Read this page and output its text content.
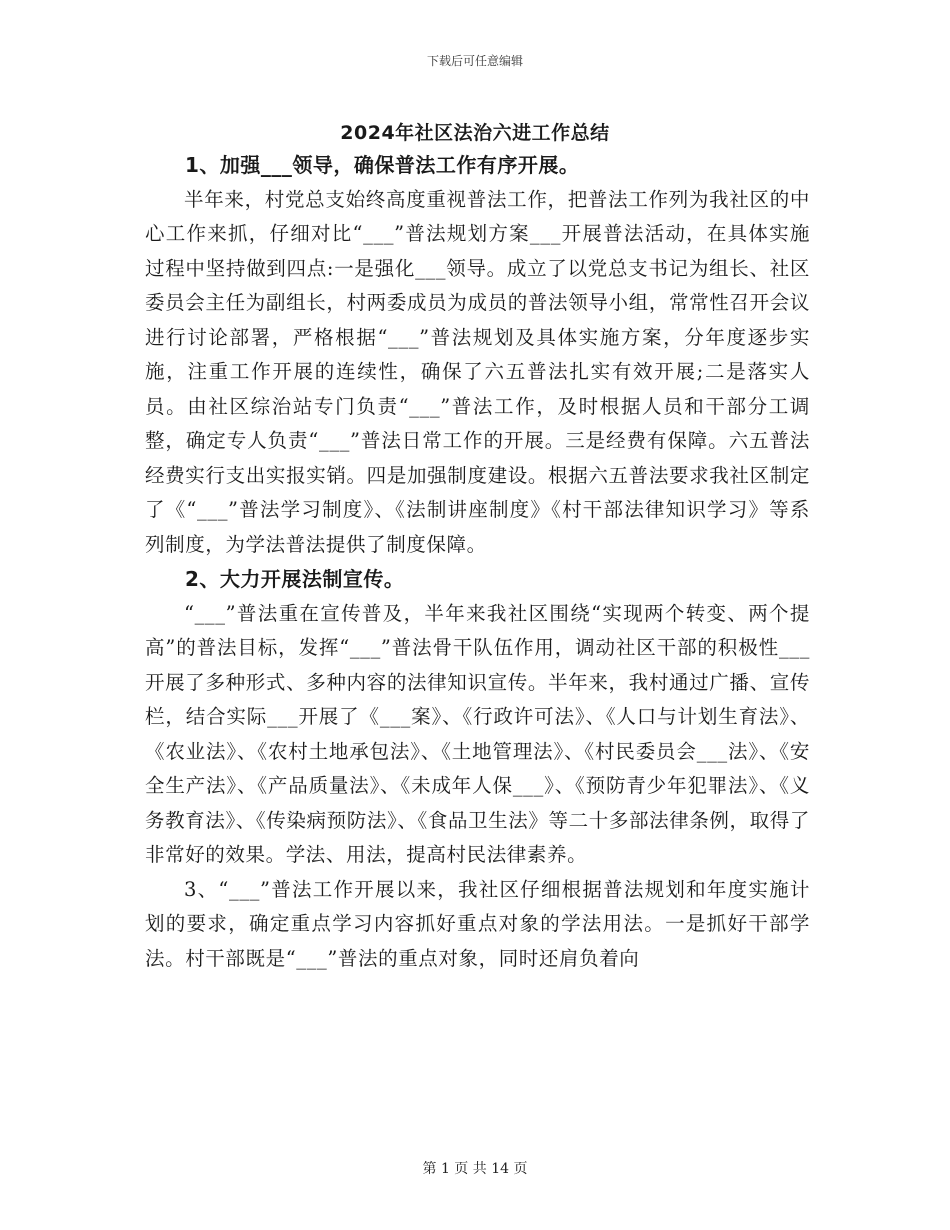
下载后可任意编辑
2024年社区法治六进工作总结
1、加强___领导，确保普法工作有序开展。

半年来，村党总支始终高度重视普法工作，把普法工作列为我社区的中心工作来抓，仔细对比“___”普法规划方案___开展普法活动，在具体实施过程中坚持做到四点:一是强化___领导。成立了以党总支书记为组长、社区委员会主任为副组长，村两委成员为成员的普法领导小组，常常性召开会议进行讨论部署，严格根据“___”普法规划及具体实施方案，分年度逐步实施，注重工作开展的连续性，确保了六五普法扎实有效开展;二是落实人员。由社区综治站专门负责“___”普法工作，及时根据人员和干部分工调整，确定专人负责“___”普法日常工作的开展。三是经费有保障。六五普法经费实行支出实报实销。四是加强制度建设。根据六五普法要求我社区制定了《“___”普法学习制度》、《法制讲座制度》《村干部法律知识学习》等系列制度，为学法普法提供了制度保障。

2、大力开展法制宣传。

“___”普法重在宣传普及，半年来我社区围绕“实现两个转变、两个提高”的普法目标，发挥“___”普法骨干队伍作用，调动社区干部的积极性___开展了多种形式、多种内容的法律知识宣传。半年来，我村通过广播、宣传栏，结合实际___开展了《___案》、《行政许可法》、《人口与计划生育法》、《农业法》、《农村土地承包法》、《土地管理法》、《村民委员会___法》、《安全生产法》、《产品质量法》、《未成年人保___》、《预防青少年犯罪法》、《义务教育法》、《传染病预防法》、《食品卫生法》等二十多部法律条例，取得了非常好的效果。学法、用法，提高村民法律素养。

3、“___”普法工作开展以来，我社区仔细根据普法规划和年度实施计划的要求，确定重点学习内容抓好重点对象的学法用法。一是抓好干部学法。村干部既是“___”普法的重点对象，同时还肩负着向

第 1 页 共 14 页
